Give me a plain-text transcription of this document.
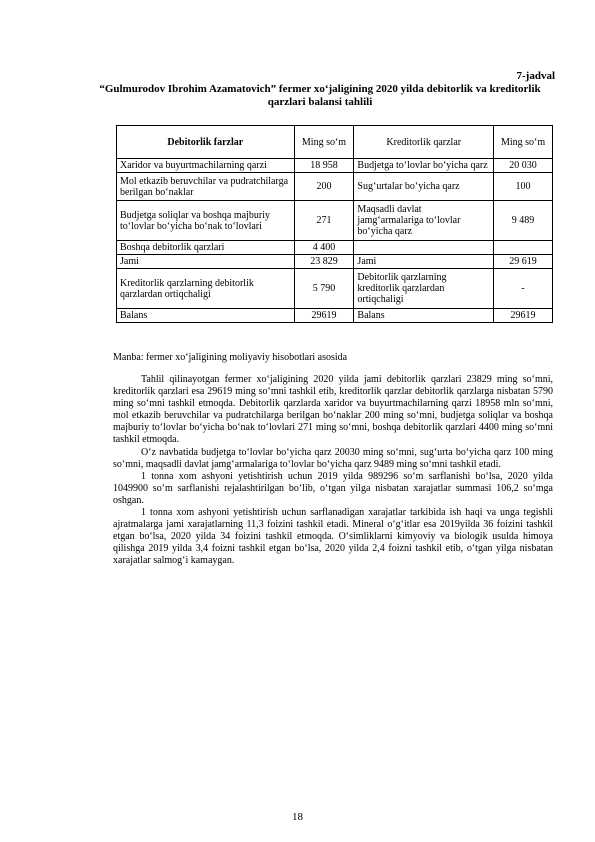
7-jadval
“Gulmurodov Ibrohim Azamatovich” fermer xo‘jaligining 2020 yilda debitorlik va kreditorlik qarzlari balansi tahlili
Debitorlik farzlar	Ming so‘m	Kreditorlik qarzlar	Ming so‘m
Xaridor va buyurtmachilarning qarzi	18 958	Budjetga to‘lovlar bo‘yicha qarz	20 030
Mol etkazib beruvchilar va pudratchilarga berilgan bo‘naklar	200	Sug‘urtalar bo‘yicha qarz	100
Budjetga soliqlar va boshqa majburiy to‘lovlar bo‘yicha bo‘nak to‘lovlari	271	Maqsadli davlat jamg‘armalariga to‘lovlar bo‘yicha qarz	9 489
Boshqa debitorlik qarzlari	4 400		
Jami	23 829	Jami	29 619
Kreditorlik qarzlarning debitorlik qarzlardan ortiqchaligi	5 790	Debitorlik qarzlarning kreditorlik qarzlardan ortiqchaligi	-
Balans	29619	Balans	29619
Manba: fermer xo‘jaligining moliyaviy hisobotlari asosida

Tahlil qilinayotgan fermer xo‘jaligining 2020 yilda jami debitorlik qarzlari 23829 ming so‘mni, kreditorlik qarzlari esa 29619 ming so‘mni tashkil etib, kreditorlik qarzlar debitorlik qarzlarga nisbatan 5790 ming so‘mni tashkil etmoqda. Debitorlik qarzlarda xaridor va buyurtmachilarning qarzi 18958 mln so‘mni, mol etkazib beruvchilar va pudratchilarga berilgan bo‘naklar 200 ming so‘mni, budjetga soliqlar va boshqa majburiy to‘lovlar bo‘yicha bo‘nak to‘lovlari 271 ming so‘mni, boshqa debitorlik qarzlari 4400 ming so‘mni tashkil etmoqda.

O‘z navbatida budjetga to‘lovlar bo‘yicha qarz 20030 ming so‘mni, sug‘urta bo‘yicha qarz 100 ming so‘mni, maqsadli davlat jamg‘armalariga to‘lovlar bo‘yicha qarz 9489 ming so‘mni tashkil etadi.

1 tonna xom ashyoni yetishtirish uchun 2019 yilda 989296 so‘m sarflanishi bo‘lsa, 2020 yilda 1049900 so‘m sarflanishi rejalashtirilgan bo‘lib, o‘tgan yilga nisbatan xarajatlar summasi 106,2 so‘mga oshgan.

1 tonna xom ashyoni yetishtirish uchun sarflanadigan xarajatlar tarkibida ish haqi va unga tegishli ajratmalarga jami xarajatlarning 11,3 foizini tashkil etadi. Mineral o‘g‘itlar esa 2019yilda 36 foizini tashkil etgan bo‘lsa, 2020 yilda 34 foizini tashkil etmoqda. O‘simliklarni kimyoviy va biologik usulda himoya qilishga 2019 yilda 3,4 foizni tashkil etgan bo‘lsa, 2020 yilda 2,4 foizni tashkil etib, o‘tgan yilga nisbatan xarajatlar salmog‘i kamaygan.

18
